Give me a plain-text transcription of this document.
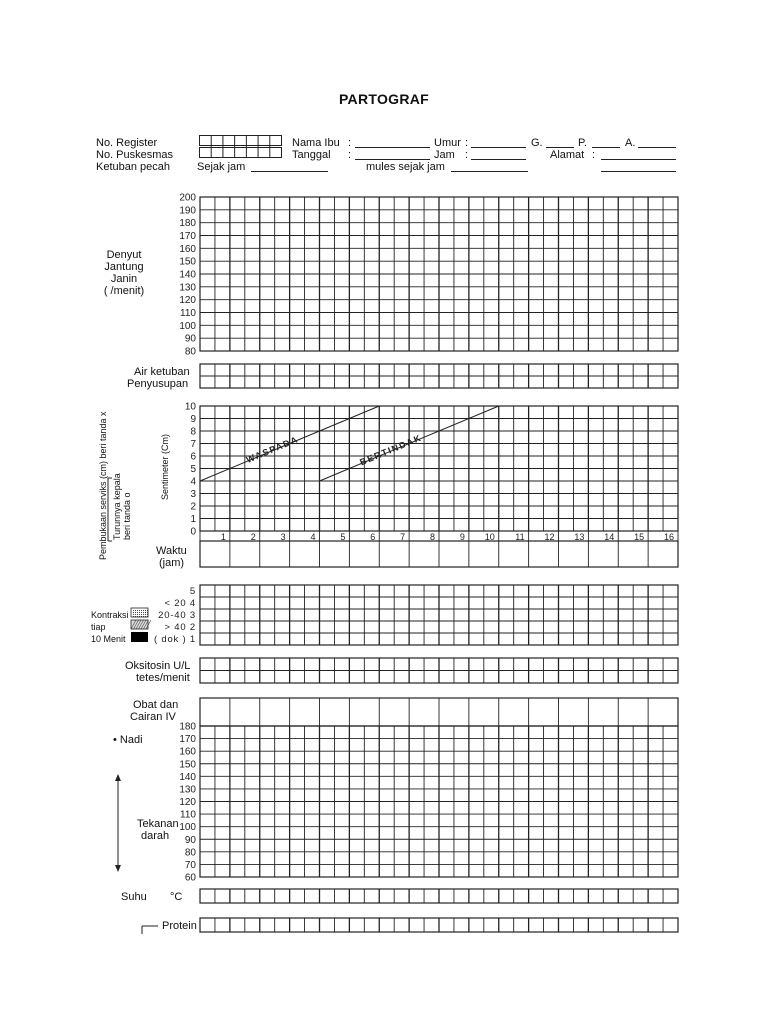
PARTOGRAF
No. Register
No. Puskesmas
Ketuban pecah Sejak jam
Nama Ibu :
Tanggal :
mules sejak jam
Umur :
Jam :
G.	P.	A.
Alamat :
Denyut
Jantung
Janin
( /menit)
Air ketuban
Penyusupan
Waktu
(jam)
Kontraksi
tiap
10 Menit
Oksitosin U/L
tetes/menit
Obat dan
Cairan IV
• Nadi
Tekanan
darah
Suhu °C
Protein
Pembukaan serviks (cm) beri tanda x Turunnya kepala beri tanda o
Sentimeter (Cm)
200
190
180
170
160
150
140
130
120
110
100
90
80
10
9
8
7
6
5
4
3
2
1
0	1	2	3	4	5	6	7	8	9 10 11 12 13 14 15 16
WASPADA	BERTINDAK
5
< 20 4
20-40 3
> 40 2
( dok ) 1
180
170
160
150
140
130
120
110
100
90
80
70
60
